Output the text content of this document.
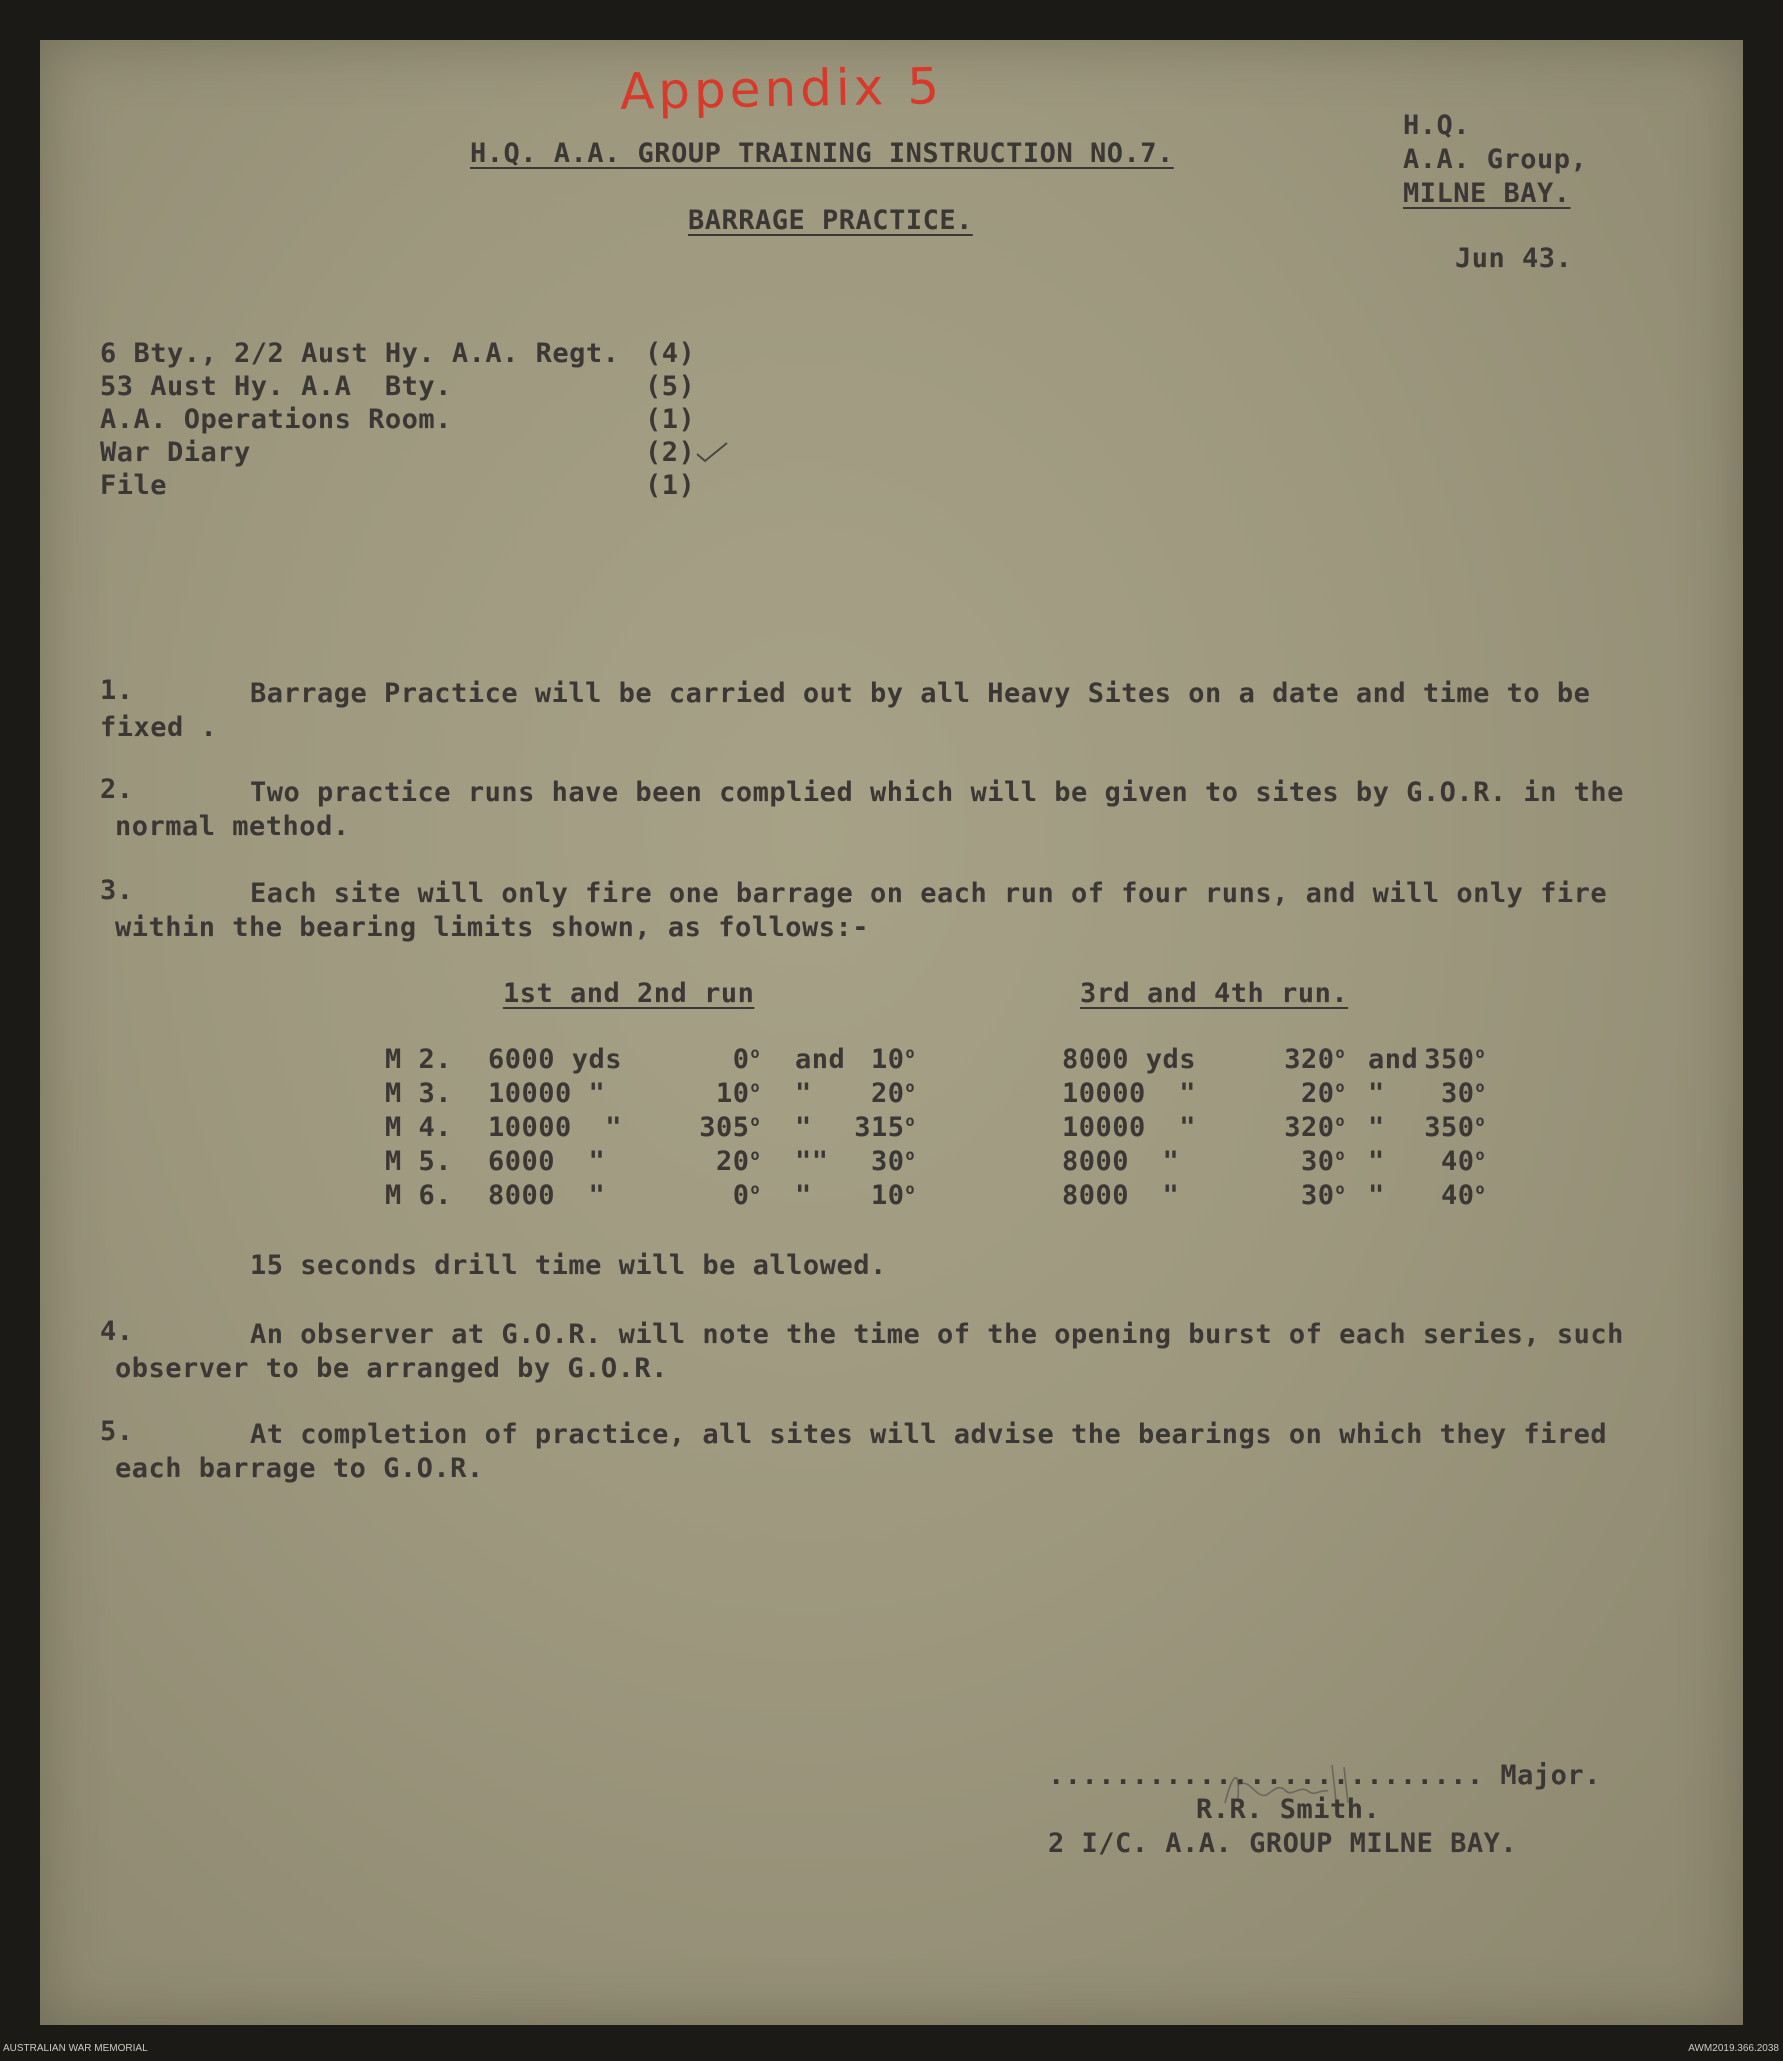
Appendix 5
H.Q. A.A. GROUP TRAINING INSTRUCTION NO.7.
BARRAGE PRACTICE.
H.Q.
A.A. Group,
MILNE BAY.
Jun 43.
6 Bty., 2/2 Aust Hy. A.A. Regt. (4)
53 Aust Hy. A.A  Bty.	(5)
A.A. Operations Room.	(1)
War Diary	(2)
File	(1)
1.	Barrage Practice will be carried out by all Heavy Sites on a date and time to be fixed .
2.	Two practice runs have been complied which will be given to sites by G.O.R. in the normal method.
3.	Each site will only fire one barrage on each run of four runs, and will only fire within the bearing limits shown, as follows:-
1st and 2nd run	3rd and 4th run.
M 2. 6000 yds	0$^o$ and 10$^o$	8000 yds	320$^o$ and 350$^o$
M 3. 10000 "	10$^o$ "	20$^o$	10000  "	20$^o$ "	30$^o$
M 4. 10000  "	305$^o$ "	315$^o$	10000  "	320$^o$ "	350$^o$
M 5. 6000  "	20$^o$ ""	30$^o$	8000  "	30$^o$ "	40$^o$
M 6. 8000  "	0$^o$ "	10$^o$	8000  "	30$^o$ "	40$^o$
15 seconds drill time will be allowed.
4.	An observer at G.O.R. will note the time of the opening burst of each series, such observer to be arranged by G.O.R.
5.	At completion of practice, all sites will advise the bearings on which they fired each barrage to G.O.R.
.......................... Major.
R.R. Smith.
2 I/C. A.A. GROUP MILNE BAY.
AUSTRALIAN WAR MEMORIAL	AWM2019.366.2038
